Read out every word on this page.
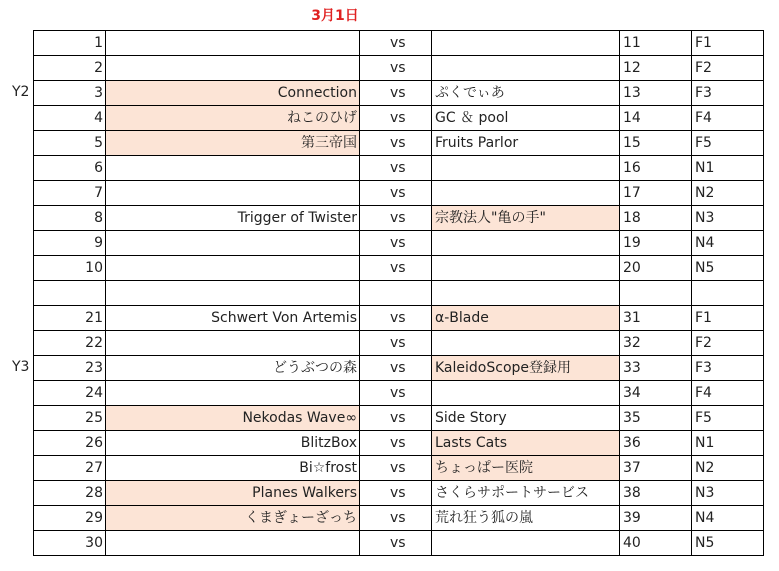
3月1日
Y2
Y3
1		vs		11	F1
2		vs		12	F2
3	Connection	vs	ぷくでぃあ	13	F3
4	ねこのひげ	vs	GC ＆ pool	14	F4
5	第三帝国	vs	Fruits Parlor	15	F5
6		vs		16	N1
7		vs		17	N2
8	Trigger of Twister	vs	宗教法人"亀の手"	18	N3
9		vs		19	N4
10		vs		20	N5

21	Schwert Von Artemis	vs	α-Blade	31	F1
22		vs		32	F2
23	どうぶつの森	vs	KaleidoScope登録用	33	F3
24		vs		34	F4
25	Nekodas Wave∞	vs	Side Story	35	F5
26	BlitzBox	vs	Lasts Cats	36	N1
27	Bi☆frost	vs	ちょっぱー医院	37	N2
28	Planes Walkers	vs	さくらサポートサービス	38	N3
29	くまぎょーざっち	vs	荒れ狂う狐の嵐	39	N4
30		vs		40	N5
